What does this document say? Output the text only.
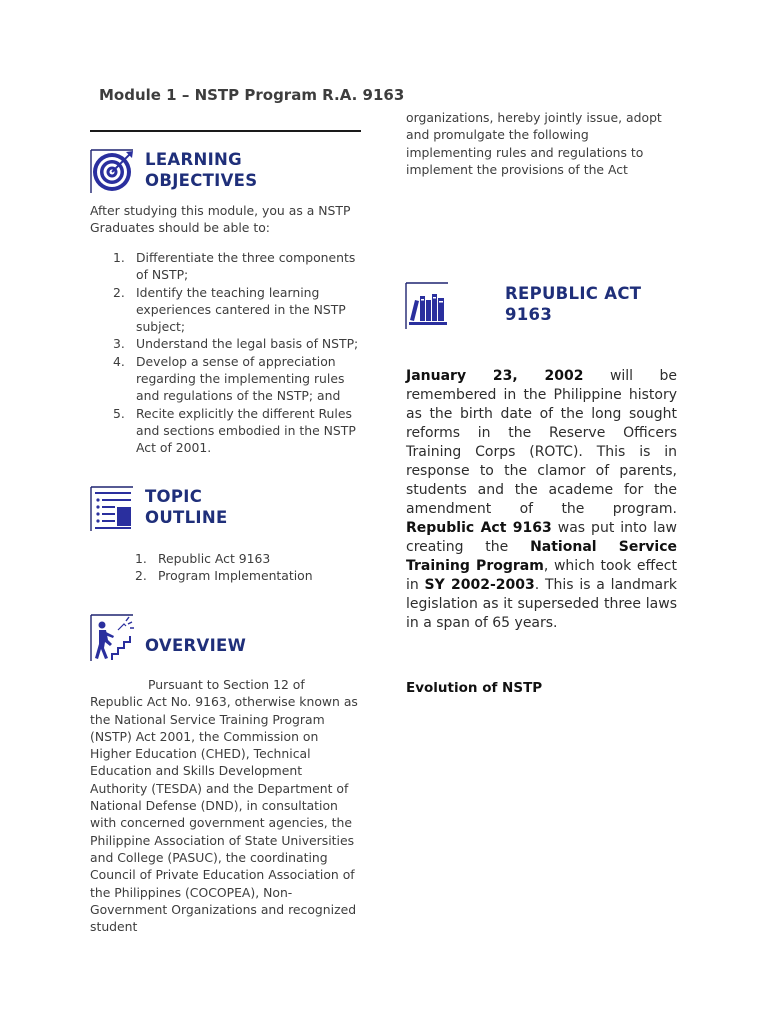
Module 1 – NSTP Program R.A. 9163
LEARNING
OBJECTIVES
After studying this module, you as a NSTP Graduates should be able to:
1. Differentiate the three components of NSTP;
2. Identify the teaching learning experiences cantered in the NSTP subject;
3. Understand the legal basis of NSTP;
4. Develop a sense of appreciation regarding the implementing rules and regulations of the NSTP; and
5. Recite explicitly the different Rules and sections embodied in the NSTP Act of 2001.
TOPIC
OUTLINE
1. Republic Act 9163
2. Program Implementation
OVERVIEW
Pursuant to Section 12 of Republic Act No. 9163, otherwise known as the National Service Training Program (NSTP) Act 2001, the Commission on Higher Education (CHED), Technical Education and Skills Development Authority (TESDA) and the Department of National Defense (DND), in consultation with concerned government agencies, the Philippine Association of State Universities and College (PASUC), the coordinating Council of Private Education Association of the Philippines (COCOPEA), Non-Government Organizations and recognized student
organizations, hereby jointly issue, adopt and promulgate the following implementing rules and regulations to implement the provisions of the Act
REPUBLIC ACT
9163
January 23, 2002 will be remembered in the Philippine history as the birth date of the long sought reforms in the Reserve Officers Training Corps (ROTC). This is in response to the clamor of parents, students and the academe for the amendment of the program. Republic Act 9163 was put into law creating the National Service Training Program, which took effect in SY 2002-2003. This is a landmark legislation as it superseded three laws in a span of 65 years.
Evolution of NSTP
